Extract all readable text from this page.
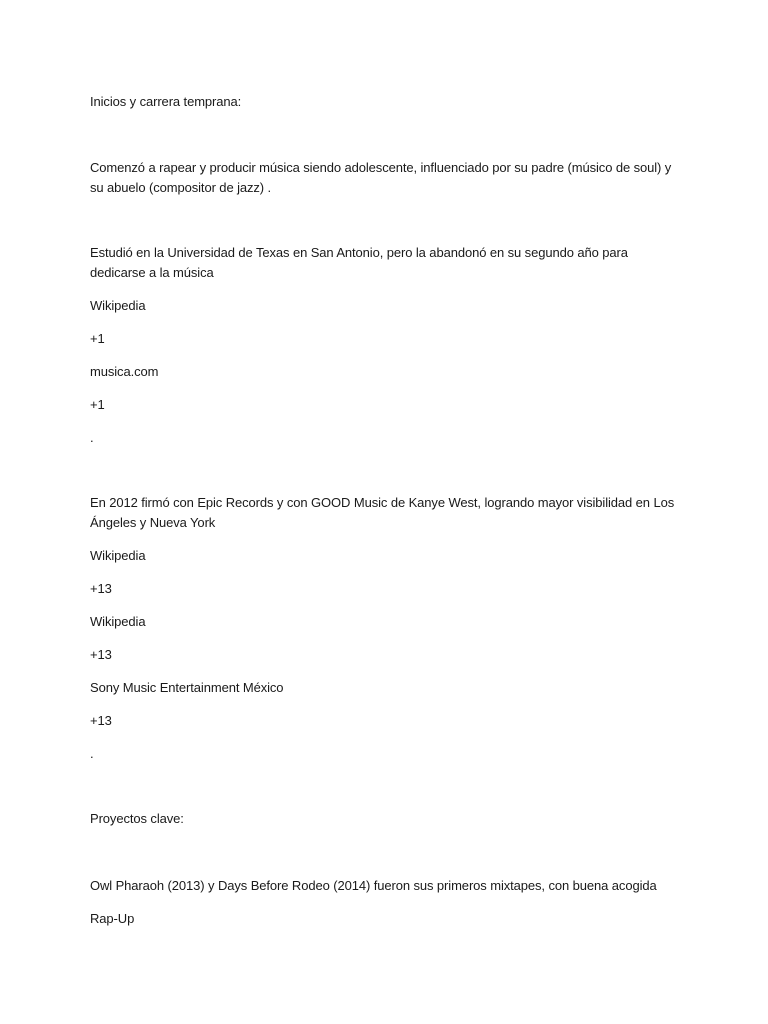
Inicios y carrera temprana:

Comenzó a rapear y producir música siendo adolescente, influenciado por su padre (músico de soul) y su abuelo (compositor de jazz) .

Estudió en la Universidad de Texas en San Antonio, pero la abandonó en su segundo año para dedicarse a la música

Wikipedia

+1

musica.com

+1

.

En 2012 firmó con Epic Records y con GOOD Music de Kanye West, logrando mayor visibilidad en Los Ángeles y Nueva York

Wikipedia

+13

Wikipedia

+13

Sony Music Entertainment México

+13

.

Proyectos clave:

Owl Pharaoh (2013) y Days Before Rodeo (2014) fueron sus primeros mixtapes, con buena acogida

Rap-Up
